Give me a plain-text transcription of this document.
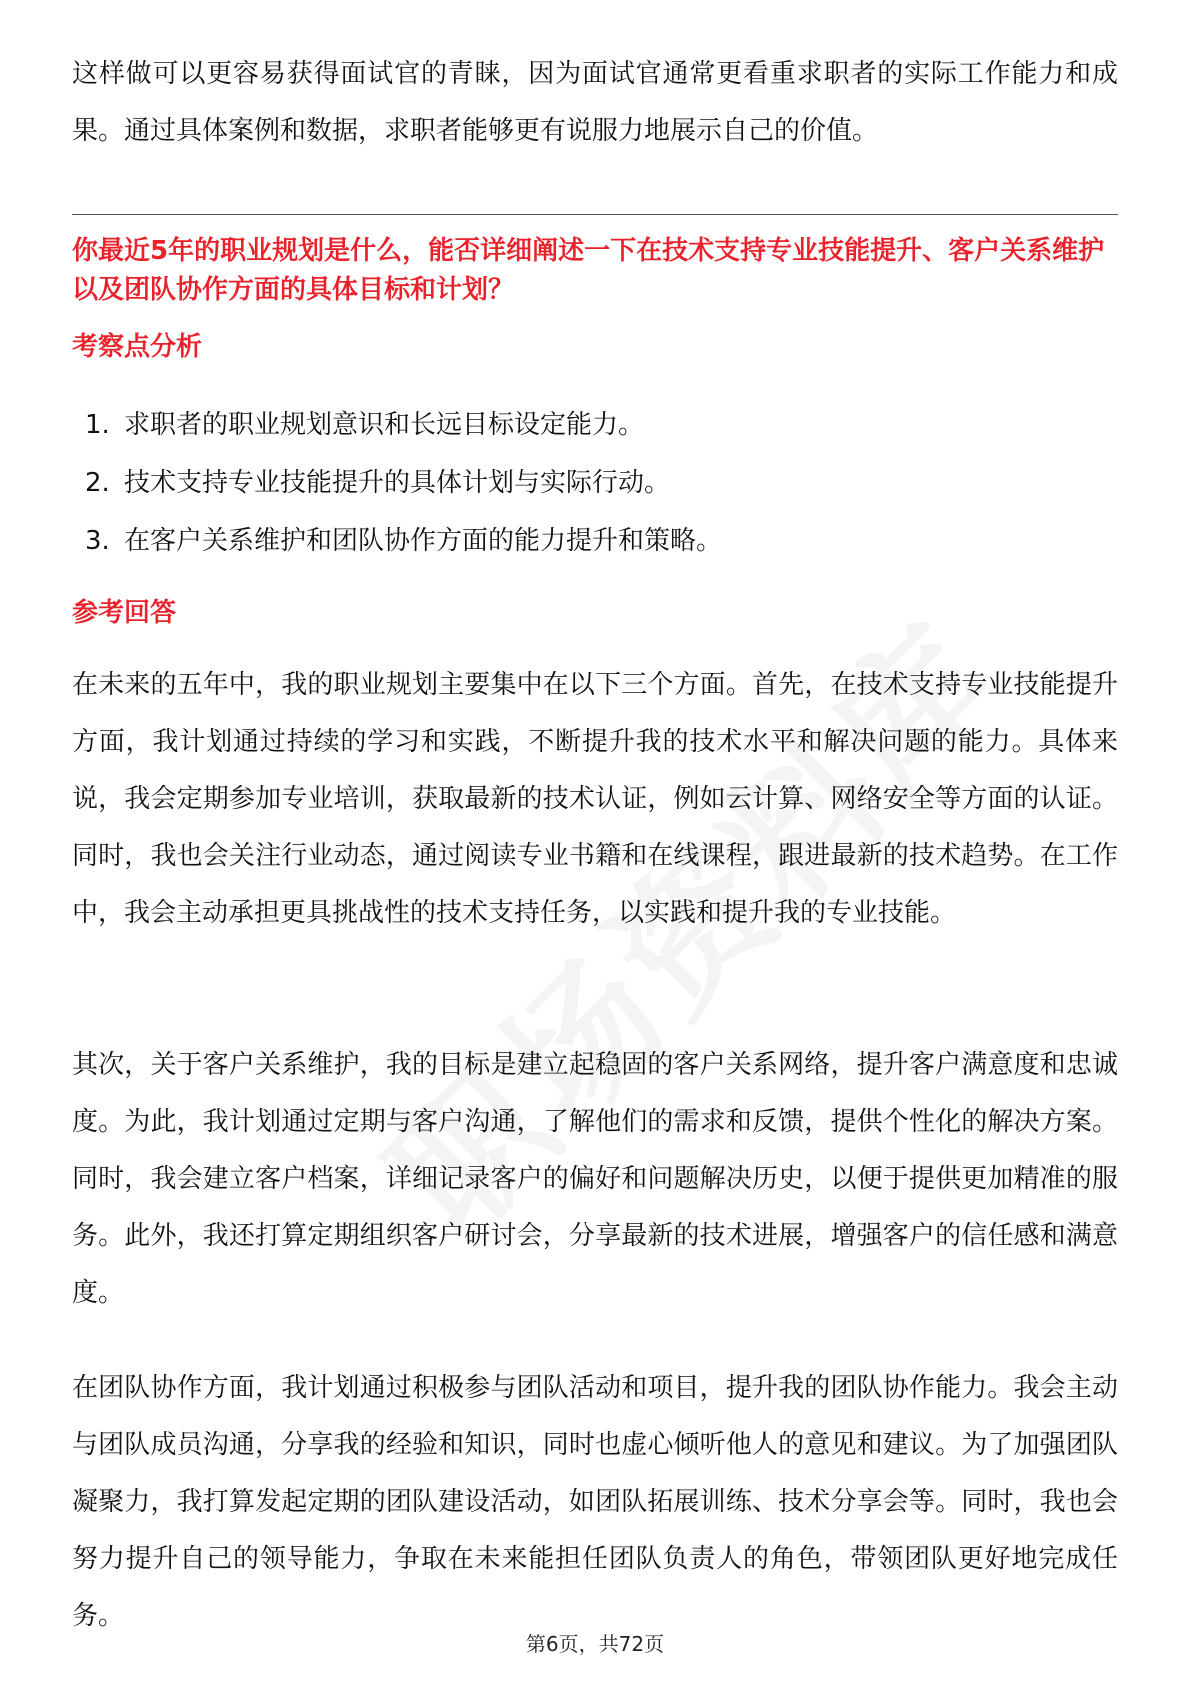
这样做可以更容易获得面试官的青睐，因为面试官通常更看重求职者的实际工作能力和成果。通过具体案例和数据，求职者能够更有说服力地展示自己的价值。

你最近5年的职业规划是什么，能否详细阐述一下在技术支持专业技能提升、客户关系维护以及团队协作方面的具体目标和计划？

考察点分析

1. 求职者的职业规划意识和长远目标设定能力。
2. 技术支持专业技能提升的具体计划与实际行动。
3. 在客户关系维护和团队协作方面的能力提升和策略。

参考回答

在未来的五年中，我的职业规划主要集中在以下三个方面。首先，在技术支持专业技能提升方面，我计划通过持续的学习和实践，不断提升我的技术水平和解决问题的能力。具体来说，我会定期参加专业培训，获取最新的技术认证，例如云计算、网络安全等方面的认证。同时，我也会关注行业动态，通过阅读专业书籍和在线课程，跟进最新的技术趋势。在工作中，我会主动承担更具挑战性的技术支持任务，以实践和提升我的专业技能。

其次，关于客户关系维护，我的目标是建立起稳固的客户关系网络，提升客户满意度和忠诚度。为此，我计划通过定期与客户沟通，了解他们的需求和反馈，提供个性化的解决方案。同时，我会建立客户档案，详细记录客户的偏好和问题解决历史，以便于提供更加精准的服务。此外，我还打算定期组织客户研讨会，分享最新的技术进展，增强客户的信任感和满意度。

在团队协作方面，我计划通过积极参与团队活动和项目，提升我的团队协作能力。我会主动与团队成员沟通，分享我的经验和知识，同时也虚心倾听他人的意见和建议。为了加强团队凝聚力，我打算发起定期的团队建设活动，如团队拓展训练、技术分享会等。同时，我也会努力提升自己的领导能力，争取在未来能担任团队负责人的角色，带领团队更好地完成任务。

第6页，共72页
